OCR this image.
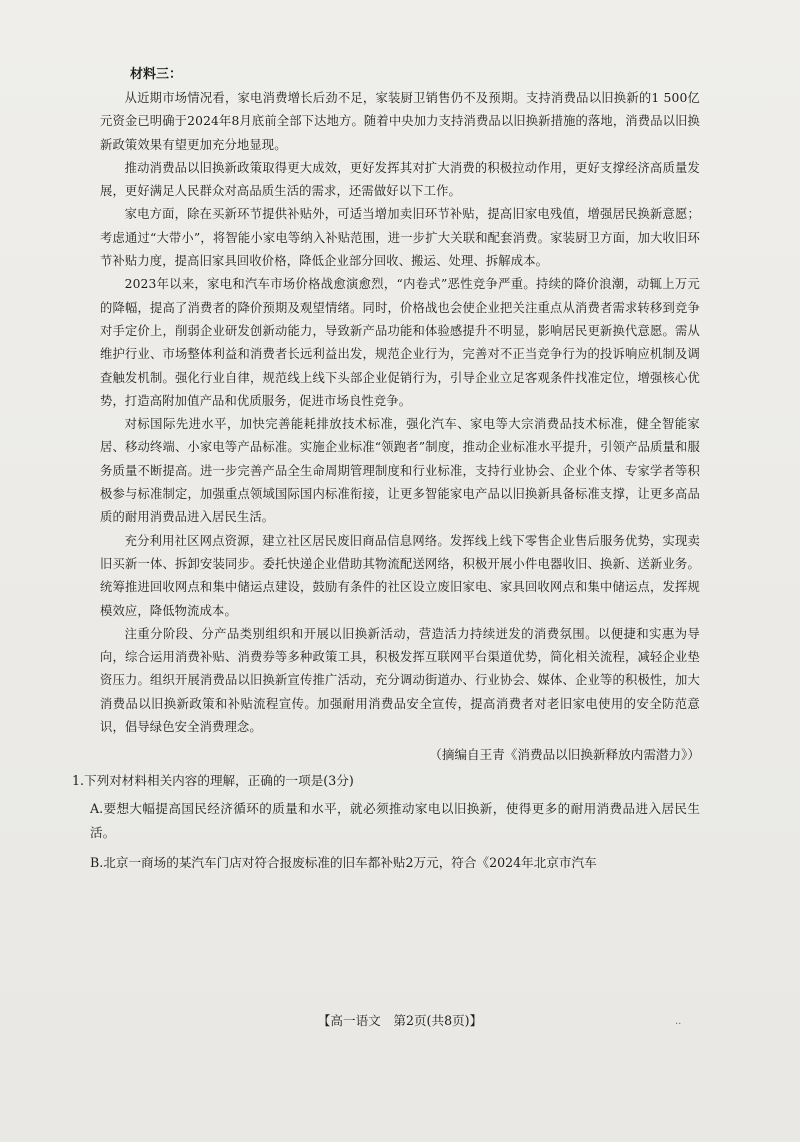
材料三：

从近期市场情况看，家电消费增长后劲不足，家装厨卫销售仍不及预期。支持消费品以旧换新的1 500亿元资金已明确于2024年8月底前全部下达地方。随着中央加力支持消费品以旧换新措施的落地，消费品以旧换新政策效果有望更加充分地显现。

推动消费品以旧换新政策取得更大成效，更好发挥其对扩大消费的积极拉动作用，更好支撑经济高质量发展，更好满足人民群众对高品质生活的需求，还需做好以下工作。

家电方面，除在买新环节提供补贴外，可适当增加卖旧环节补贴，提高旧家电残值，增强居民换新意愿；考虑通过“大带小”，将智能小家电等纳入补贴范围，进一步扩大关联和配套消费。家装厨卫方面，加大收旧环节补贴力度，提高旧家具回收价格，降低企业部分回收、搬运、处理、拆解成本。

2023年以来，家电和汽车市场价格战愈演愈烈，“内卷式”恶性竞争严重。持续的降价浪潮，动辄上万元的降幅，提高了消费者的降价预期及观望情绪。同时，价格战也会使企业把关注重点从消费者需求转移到竞争对手定价上，削弱企业研发创新动能力，导致新产品功能和体验感提升不明显，影响居民更新换代意愿。需从维护行业、市场整体利益和消费者长远利益出发，规范企业行为，完善对不正当竞争行为的投诉响应机制及调查触发机制。强化行业自律，规范线上线下头部企业促销行为，引导企业立足客观条件找准定位，增强核心优势，打造高附加值产品和优质服务，促进市场良性竞争。

对标国际先进水平，加快完善能耗排放技术标准，强化汽车、家电等大宗消费品技术标准，健全智能家居、移动终端、小家电等产品标准。实施企业标准“领跑者”制度，推动企业标准水平提升，引领产品质量和服务质量不断提高。进一步完善产品全生命周期管理制度和行业标准，支持行业协会、企业个体、专家学者等积极参与标准制定，加强重点领域国际国内标准衔接，让更多智能家电产品以旧换新具备标准支撑，让更多高品质的耐用消费品进入居民生活。

充分利用社区网点资源，建立社区居民废旧商品信息网络。发挥线上线下零售企业售后服务优势，实现卖旧买新一体、拆卸安装同步。委托快递企业借助其物流配送网络，积极开展小件电器收旧、换新、送新业务。统筹推进回收网点和集中储运点建设，鼓励有条件的社区设立废旧家电、家具回收网点和集中储运点，发挥规模效应，降低物流成本。

注重分阶段、分产品类别组织和开展以旧换新活动，营造活力持续迸发的消费氛围。以便捷和实惠为导向，综合运用消费补贴、消费券等多种政策工具，积极发挥互联网平台渠道优势，简化相关流程，减轻企业垫资压力。组织开展消费品以旧换新宣传推广活动，充分调动街道办、行业协会、媒体、企业等的积极性，加大消费品以旧换新政策和补贴流程宣传。加强耐用消费品安全宣传，提高消费者对老旧家电使用的安全防范意识，倡导绿色安全消费理念。

（摘编自王青《消费品以旧换新释放内需潜力》）
1.下列对材料相关内容的理解，正确的一项是(3分)
A.要想大幅提高国民经济循环的质量和水平，就必须推动家电以旧换新，使得更多的耐用消费品进入居民生活。
B.北京一商场的某汽车门店对符合报废标准的旧车都补贴2万元，符合《2024年北京市汽车
【高一语文　第2页(共8页)】	..
